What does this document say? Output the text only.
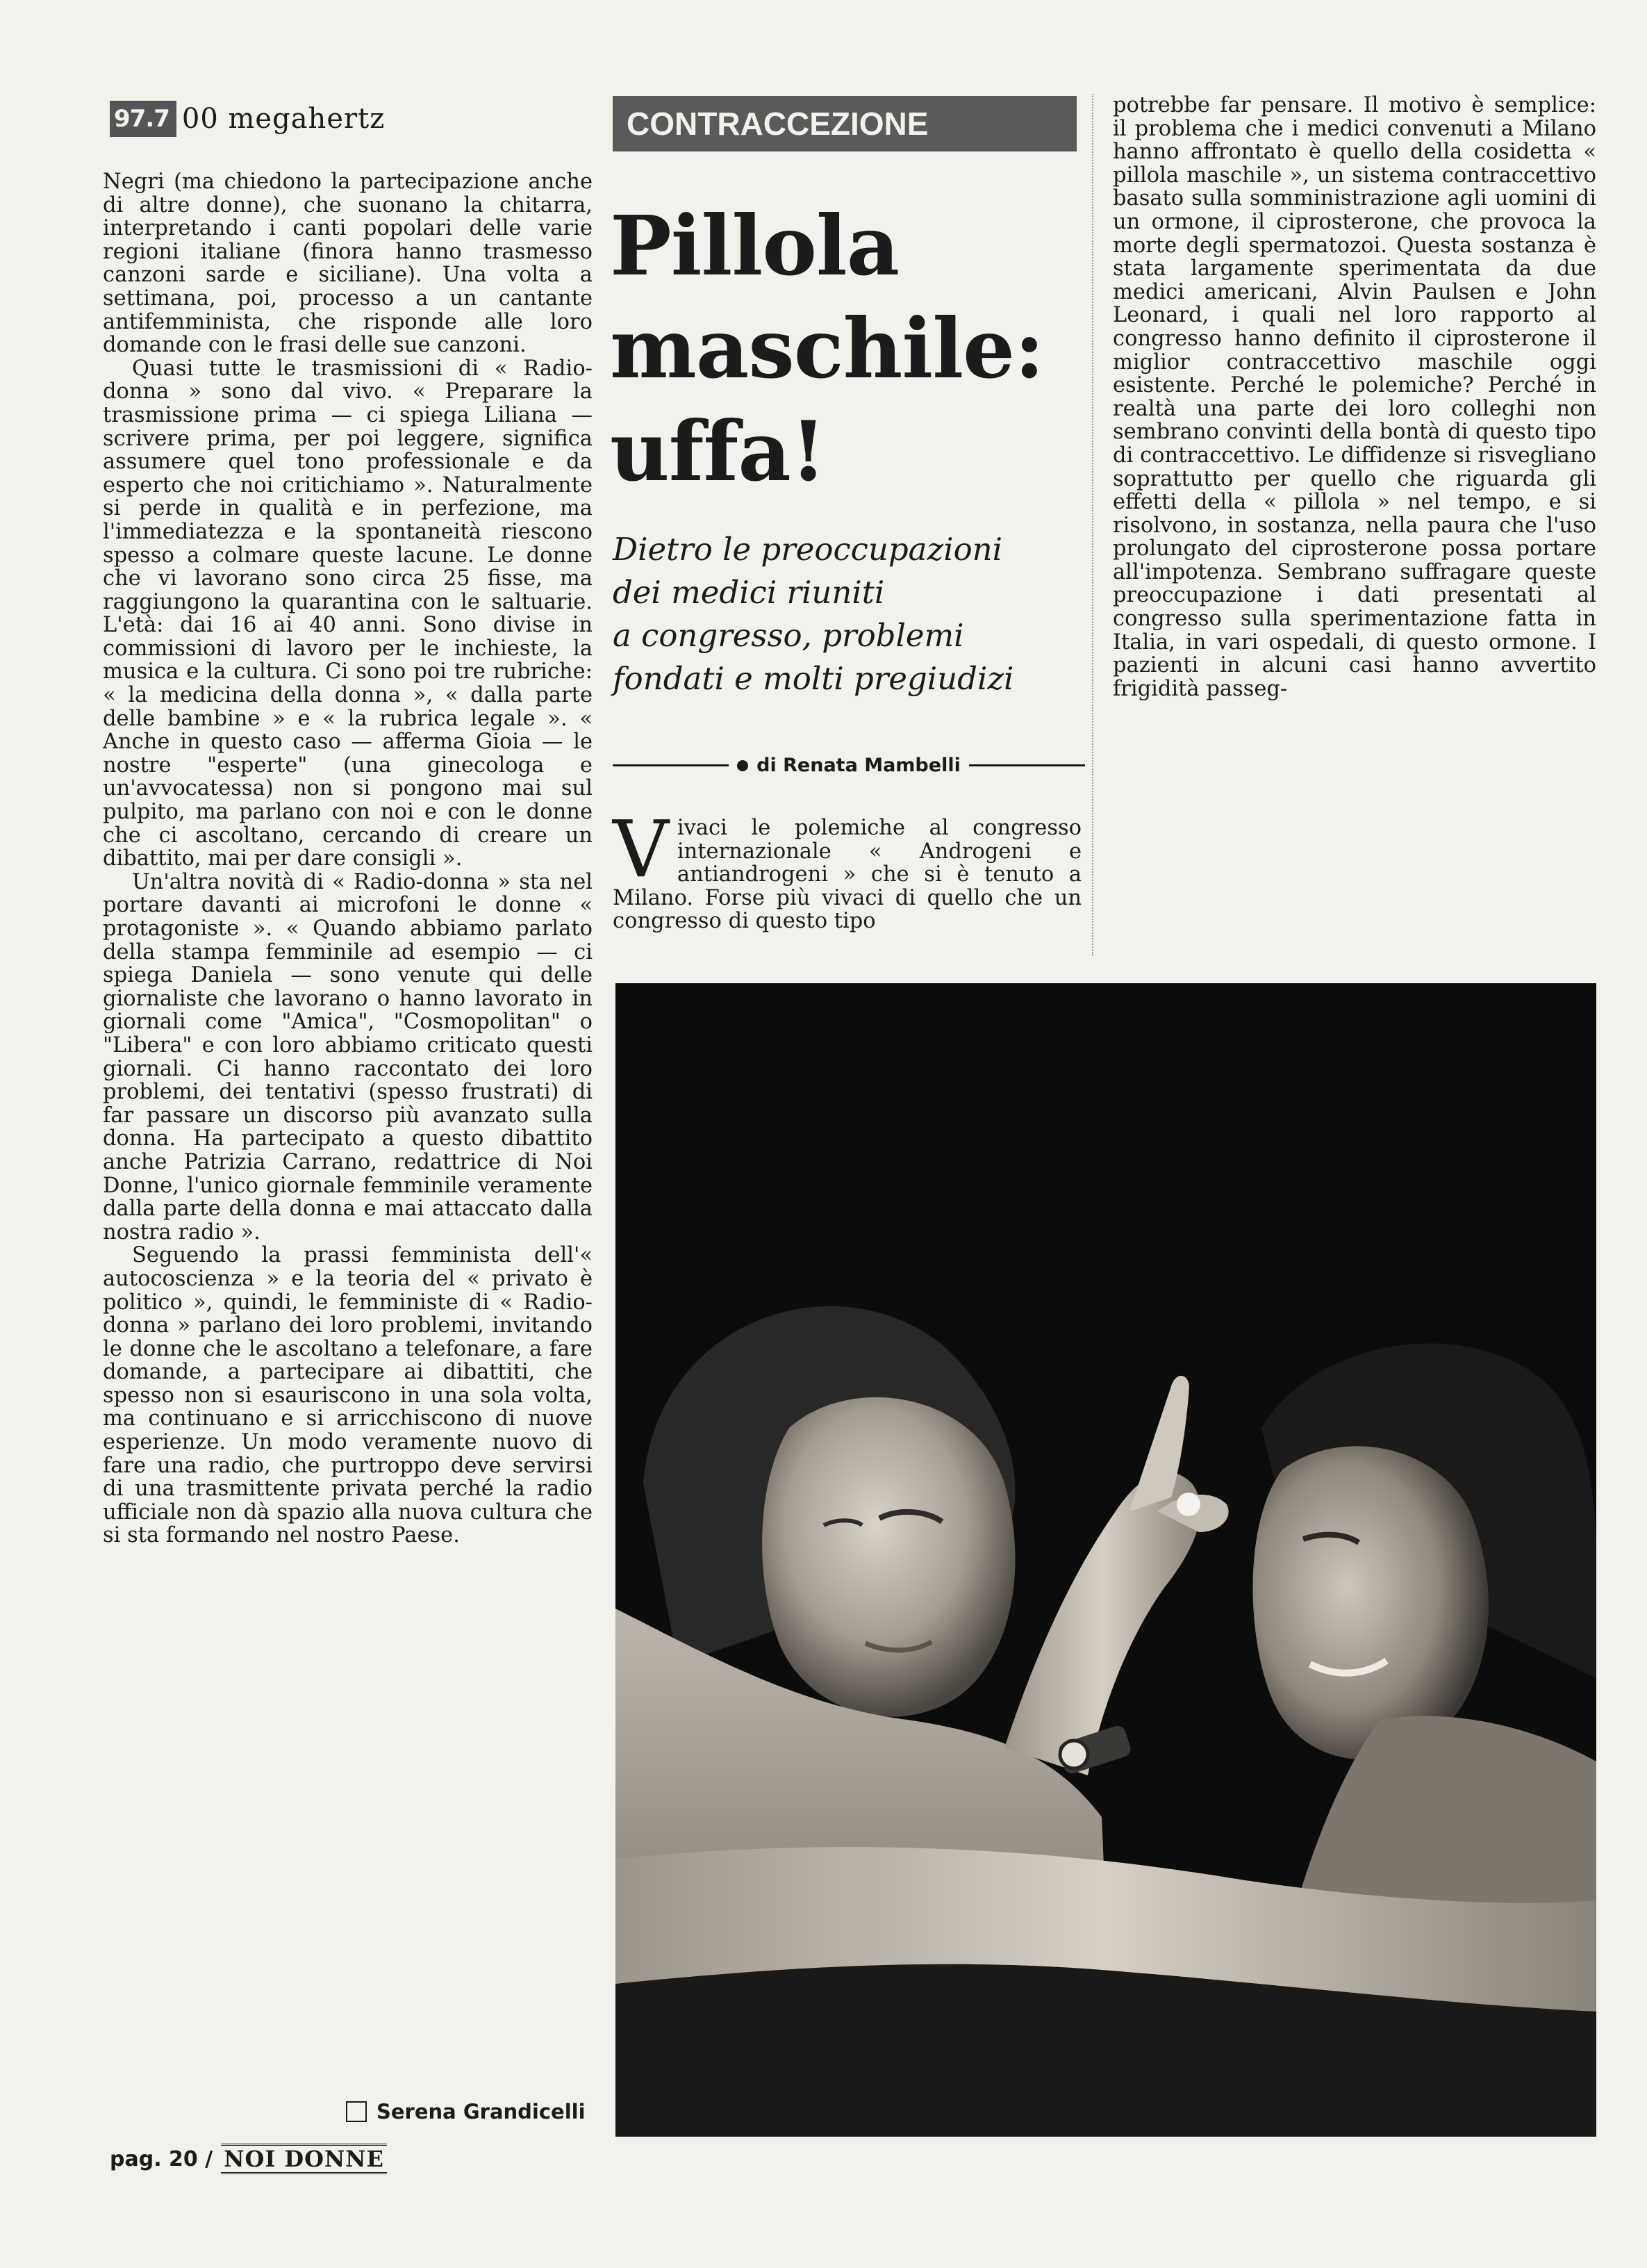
97.7 00 megahertz

Negri (ma chiedono la partecipazione anche di altre donne), che suonano la chitarra, interpretando i canti popolari delle varie regioni italiane (finora hanno trasmesso canzoni sarde e siciliane). Una volta a settimana, poi, processo a un cantante antifemminista, che risponde alle loro domande con le frasi delle sue canzoni.

Quasi tutte le trasmissioni di « Radio-donna » sono dal vivo. « Preparare la trasmissione prima — ci spiega Liliana — scrivere prima, per poi leggere, significa assumere quel tono professionale e da esperto che noi critichiamo ». Naturalmente si perde in qualità e in perfezione, ma l'immediatezza e la spontaneità riescono spesso a colmare queste lacune. Le donne che vi lavorano sono circa 25 fisse, ma raggiungono la quarantina con le saltuarie. L'età: dai 16 ai 40 anni. Sono divise in commissioni di lavoro per le inchieste, la musica e la cultura. Ci sono poi tre rubriche: « la medicina della donna », « dalla parte delle bambine » e « la rubrica legale ». « Anche in questo caso — afferma Gioia — le nostre "esperte" (una ginecologa e un'avvocatessa) non si pongono mai sul pulpito, ma parlano con noi e con le donne che ci ascoltano, cercando di creare un dibattito, mai per dare consigli ».

Un'altra novità di « Radio-donna » sta nel portare davanti ai microfoni le donne « protagoniste ». « Quando abbiamo parlato della stampa femminile ad esempio — ci spiega Daniela — sono venute qui delle giornaliste che lavorano o hanno lavorato in giornali come "Amica", "Cosmopolitan" o "Libera" e con loro abbiamo criticato questi giornali. Ci hanno raccontato dei loro problemi, dei tentativi (spesso frustrati) di far passare un discorso più avanzato sulla donna. Ha partecipato a questo dibattito anche Patrizia Carrano, redattrice di Noi Donne, l'unico giornale femminile veramente dalla parte della donna e mai attaccato dalla nostra radio ».

Seguendo la prassi femminista dell'« autocoscienza » e la teoria del « privato è politico », quindi, le femministe di « Radio-donna » parlano dei loro problemi, invitando le donne che le ascoltano a telefonare, a fare domande, a partecipare ai dibattiti, che spesso non si esauriscono in una sola volta, ma continuano e si arricchiscono di nuove esperienze. Un modo veramente nuovo di fare una radio, che purtroppo deve servirsi di una trasmittente privata perché la radio ufficiale non dà spazio alla nuova cultura che si sta formando nel nostro Paese.

Serena Grandicelli
pag. 20 / NOI DONNE
CONTRACCEZIONE
Pillola
maschile:
uffa!
Dietro le preoccupazioni
dei medici riuniti
a congresso, problemi
fondati e molti pregiudizi
di Renata Mambelli
V ivaci le polemiche al congresso internazionale « Androgeni e antiandrogeni » che si è tenuto a Milano. Forse più vivaci di quello che un congresso di questo tipo

potrebbe far pensare. Il motivo è semplice: il problema che i medici convenuti a Milano hanno affrontato è quello della cosidetta « pillola maschile », un sistema contraccettivo basato sulla somministrazione agli uomini di un ormone, il ciprosterone, che provoca la morte degli spermatozoi. Questa sostanza è stata largamente sperimentata da due medici americani, Alvin Paulsen e John Leonard, i quali nel loro rapporto al congresso hanno definito il ciprosterone il miglior contraccettivo maschile oggi esistente. Perché le polemiche? Perché in realtà una parte dei loro colleghi non sembrano convinti della bontà di questo tipo di contraccettivo. Le diffidenze si risvegliano soprattutto per quello che riguarda gli effetti della « pillola » nel tempo, e si risolvono, in sostanza, nella paura che l'uso prolungato del ciprosterone possa portare all'impotenza. Sembrano suffragare queste preoccupazione i dati presentati al congresso sulla sperimentazione fatta in Italia, in vari ospedali, di questo ormone. I pazienti in alcuni casi hanno avvertito frigidità passeg-
